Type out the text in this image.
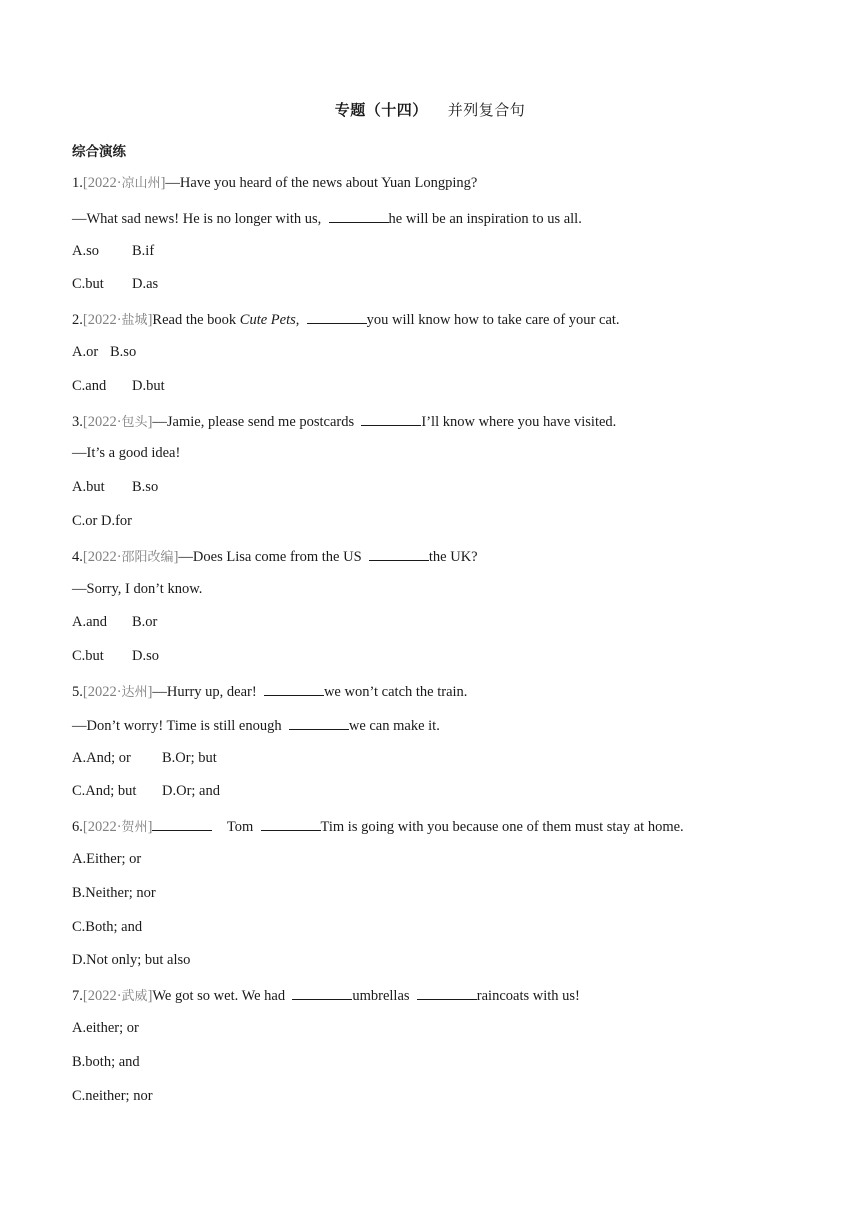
专题（十四） 并列复合句
综合演练
1.[2022·凉山州]—Have you heard of the news about Yuan Longping?
—What sad news! He is no longer with us,	he will be an inspiration to us all.
A.so B.if
C.but D.as
2.[2022·盐城]Read the book Cute Pets,	you will know how to take care of your cat.
A.or B.so
C.and D.but
3.[2022·包头]—Jamie, please send me postcards	I’ll know where you have visited.
—It’s a good idea!
A.but B.so
C.or D.for
4.[2022·邵阳改编]—Does Lisa come from the US	the UK?
—Sorry, I don’t know.
A.and B.or
C.but D.so
5.[2022·达州]—Hurry up, dear!	we won’t catch the train.
—Don’t worry! Time is still enough	we can make it.
A.And; or B.Or; but
C.And; but D.Or; and
6.[2022·贺州]	Tom	Tim is going with you because one of them must stay at home.
A.Either; or
B.Neither; nor
C.Both; and
D.Not only; but also
7.[2022·武威]We got so wet. We had	umbrellas	raincoats with us!
A.either; or
B.both; and
C.neither; nor
